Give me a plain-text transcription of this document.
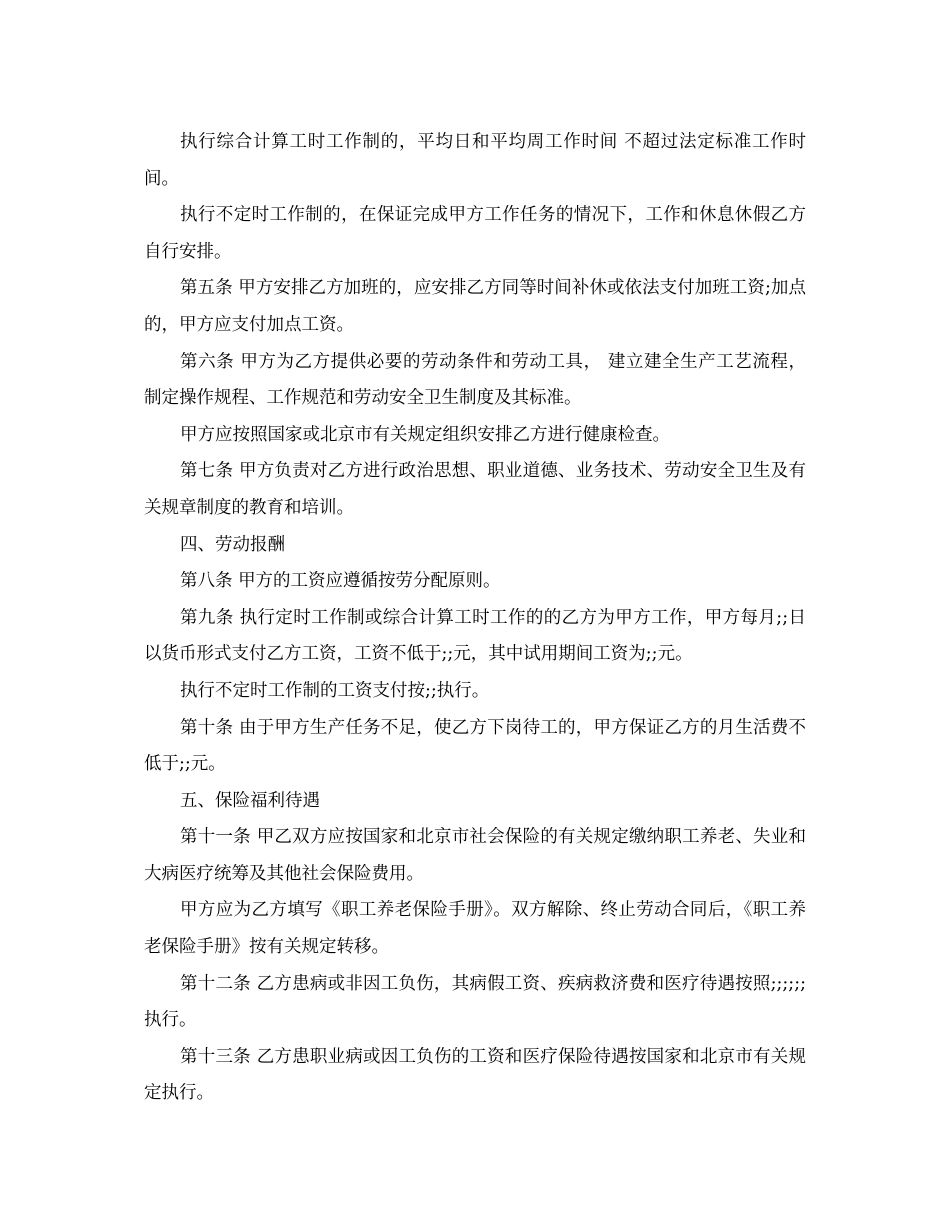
执行综合计算工时工作制的，平均日和平均周工作时间 不超过法定标准工作时间。

执行不定时工作制的，在保证完成甲方工作任务的情况下，工作和休息休假乙方自行安排。

第五条 甲方安排乙方加班的，应安排乙方同等时间补休或依法支付加班工资;加点的，甲方应支付加点工资。

第六条 甲方为乙方提供必要的劳动条件和劳动工具， 建立建全生产工艺流程， 制定操作规程、工作规范和劳动安全卫生制度及其标准。

甲方应按照国家或北京市有关规定组织安排乙方进行健康检查。

第七条 甲方负责对乙方进行政治思想、职业道德、业务技术、劳动安全卫生及有关规章制度的教育和培训。

四、劳动报酬

第八条 甲方的工资应遵循按劳分配原则。

第九条 执行定时工作制或综合计算工时工作的的乙方为甲方工作，甲方每月;;日以货币形式支付乙方工资，工资不低于;;元，其中试用期间工资为;;元。

执行不定时工作制的工资支付按;;执行。

第十条 由于甲方生产任务不足，使乙方下岗待工的，甲方保证乙方的月生活费不低于;;元。

五、保险福利待遇

第十一条 甲乙双方应按国家和北京市社会保险的有关规定缴纳职工养老、失业和大病医疗统筹及其他社会保险费用。

甲方应为乙方填写《职工养老保险手册》。双方解除、终止劳动合同后，《职工养老保险手册》按有关规定转移。

第十二条 乙方患病或非因工负伤，其病假工资、疾病救济费和医疗待遇按照;;;;;; 执行。

第十三条 乙方患职业病或因工负伤的工资和医疗保险待遇按国家和北京市有关规定执行。
